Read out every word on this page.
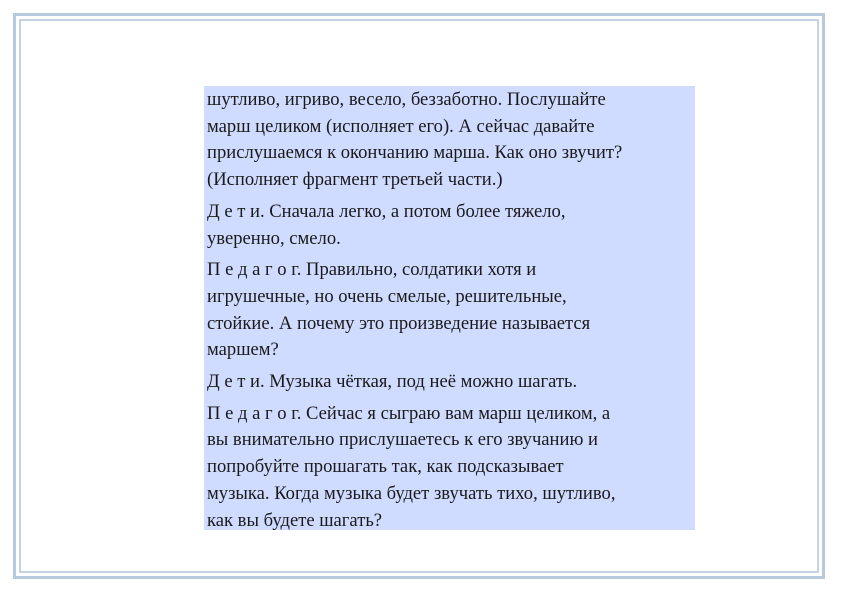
шутливо, игриво, весело, беззаботно. Послушайте
марш целиком (исполняет его). А сейчас давайте
прислушаемся к окончанию марша. Как оно звучит?
(Исполняет фрагмент третьей части.)

Д е т и. Сначала легко, а потом более тяжело,
уверенно, смело.

П е д а г о г. Правильно, солдатики хотя и
игрушечные, но очень смелые, решительные,
стойкие. А почему это произведение называется
маршем?

Д е т и. Музыка чёткая, под неё можно шагать.

П е д а г о г. Сейчас я сыграю вам марш целиком, а
вы внимательно прислушаетесь к его звучанию и
попробуйте прошагать так, как подсказывает
музыка. Когда музыка будет звучать тихо, шутливо,
как вы будете шагать?
